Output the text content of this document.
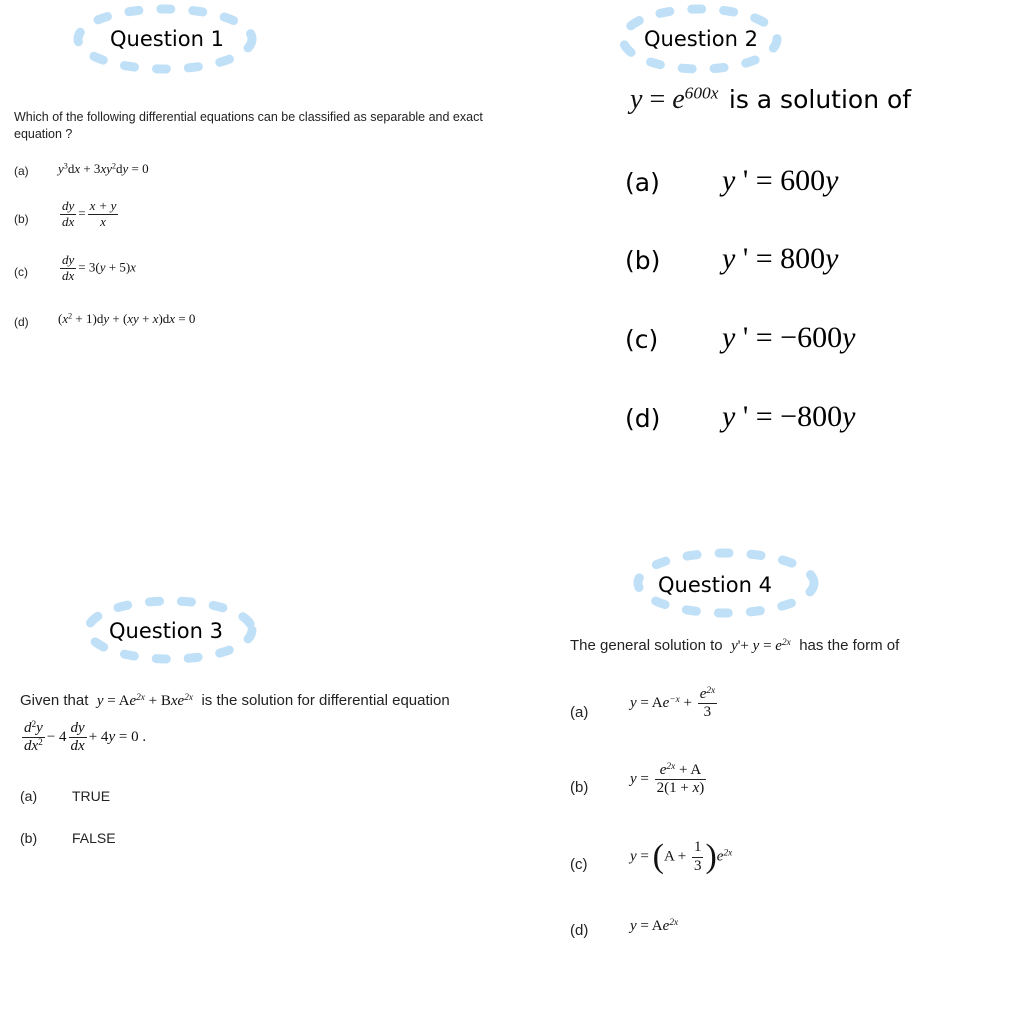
Question 1
Which of the following differential equations can be classified as separable and exact
equation ?
(a) $y^3dx + 3xy^2dy = 0$
$(b) \frac{dy}{dx} = \frac{x + y}{x}$
$(c) \frac{dy}{dx} = 3(y + 5)x$
(d) $(x^2 + 1)dy + (xy + x)dx = 0$
Question 2
$y = e^{600x}$ is a solution of
(a) y ' = 600y
(b) y ' = 800y
(c) y ' = −600y
(d) y ' = −800y
Question 3
Given that $y = Ae^{2x} + Bxe^{2x}$ is the solution for differential equation
$\frac{d^2y}{dx^2} - 4 \frac{dy}{dx} + 4y = 0$ .
(a) TRUE
(b) FALSE
Question 4
The general solution to $y'+ y = e^{2x}$ has the form of
(a)
$y = Ae^{-x} + \frac{e^{2x}}{3}$
(b)	$y = \frac{e^{2x} + A}{2(1 + x)}$
(c)	$y = (A + \frac{1}{3} )e^{2x}$
(d)	$y = Ae^{2x}$
